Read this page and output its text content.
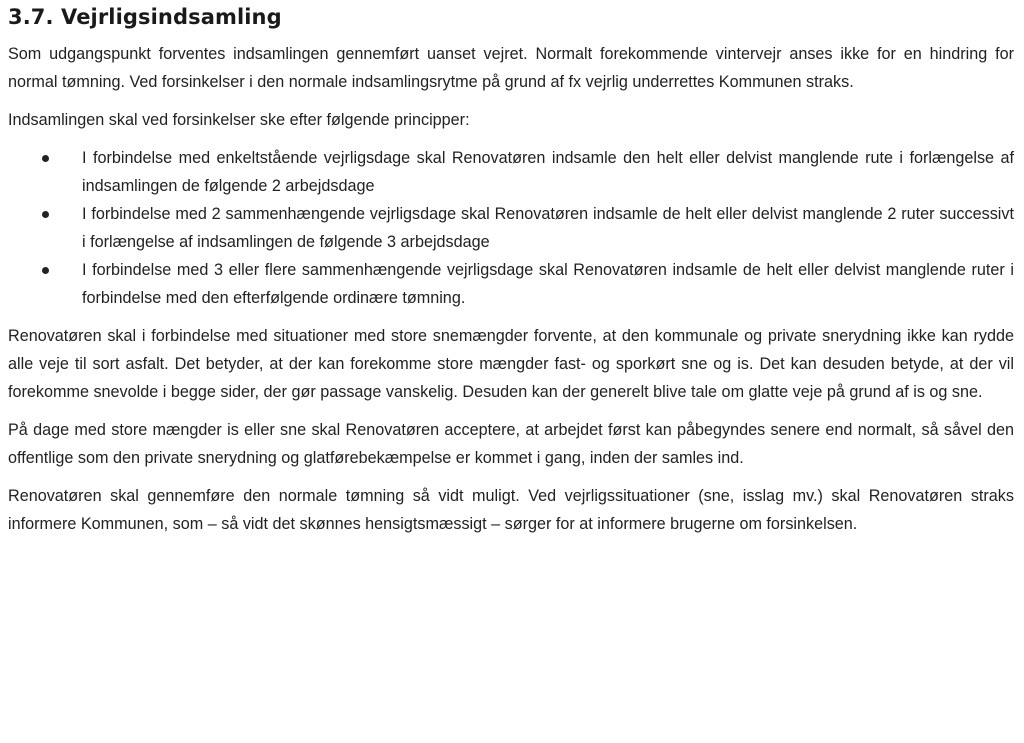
3.7. Vejrligsindsamling

Som udgangspunkt forventes indsamlingen gennemført uanset vejret. Normalt forekommende vintervejr anses ikke for en hindring for normal tømning. Ved forsinkelser i den normale indsamlingsrytme på grund af fx vejrlig underrettes Kommunen straks.

Indsamlingen skal ved forsinkelser ske efter følgende principper:

I forbindelse med enkeltstående vejrligsdage skal Renovatøren indsamle den helt eller delvist manglende rute i forlængelse af indsamlingen de følgende 2 arbejdsdage
I forbindelse med 2 sammenhængende vejrligsdage skal Renovatøren indsamle de helt eller delvist manglende 2 ruter successivt i forlængelse af indsamlingen de følgende 3 arbejdsdage
I forbindelse med 3 eller flere sammenhængende vejrligsdage skal Renovatøren indsamle de helt eller delvist manglende ruter i forbindelse med den efterfølgende ordinære tømning.

Renovatøren skal i forbindelse med situationer med store snemængder forvente, at den kommunale og private snerydning ikke kan rydde alle veje til sort asfalt. Det betyder, at der kan forekomme store mængder fast- og sporkørt sne og is. Det kan desuden betyde, at der vil forekomme snevolde i begge sider, der gør passage vanskelig. Desuden kan der generelt blive tale om glatte veje på grund af is og sne.

På dage med store mængder is eller sne skal Renovatøren acceptere, at arbejdet først kan påbegyndes senere end normalt, så såvel den offentlige som den private snerydning og glatførebekæmpelse er kommet i gang, inden der samles ind.

Renovatøren skal gennemføre den normale tømning så vidt muligt. Ved vejrligssituationer (sne, isslag mv.) skal Renovatøren straks informere Kommunen, som – så vidt det skønnes hensigtsmæssigt – sørger for at informere brugerne om forsinkelsen.
